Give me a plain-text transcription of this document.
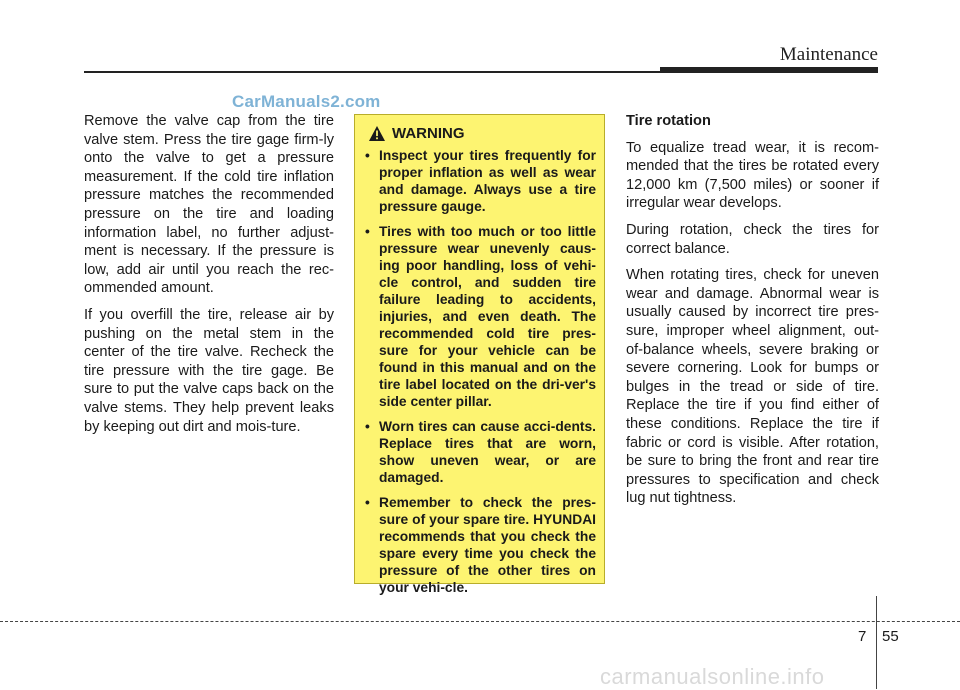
Maintenance
CarManuals2.com

Remove the valve cap from the tire valve stem. Press the tire gage firm-ly onto the valve to get a pressure measurement. If the cold tire inflation pressure matches the recommended pressure on the tire and loading information label, no further adjust-ment is necessary. If the pressure is low, add air until you reach the rec-ommended amount.

If you overfill the tire, release air by pushing on the metal stem in the center of the tire valve. Recheck the tire pressure with the tire gage. Be sure to put the valve caps back on the valve stems. They help prevent leaks by keeping out dirt and mois-ture.

WARNING
• Inspect your tires frequently for proper inflation as well as wear and damage. Always use a tire pressure gauge.
• Tires with too much or too little pressure wear unevenly caus-ing poor handling, loss of vehi-cle control, and sudden tire failure leading to accidents, injuries, and even death. The recommended cold tire pres-sure for your vehicle can be found in this manual and on the tire label located on the dri-ver's side center pillar.
• Worn tires can cause acci-dents. Replace tires that are worn, show uneven wear, or are damaged.
• Remember to check the pres-sure of your spare tire. HYUNDAI recommends that you check the spare every time you check the pressure of the other tires on your vehi-cle.
Tire rotation

To equalize tread wear, it is recom-mended that the tires be rotated every 12,000 km (7,500 miles) or sooner if irregular wear develops.

During rotation, check the tires for correct balance.

When rotating tires, check for uneven wear and damage. Abnormal wear is usually caused by incorrect tire pres-sure, improper wheel alignment, out-of-balance wheels, severe braking or severe cornering. Look for bumps or bulges in the tread or side of tire. Replace the tire if you find either of these conditions. Replace the tire if fabric or cord is visible. After rotation, be sure to bring the front and rear tire pressures to specification and check lug nut tightness.

7 55
carmanualsonline.info
